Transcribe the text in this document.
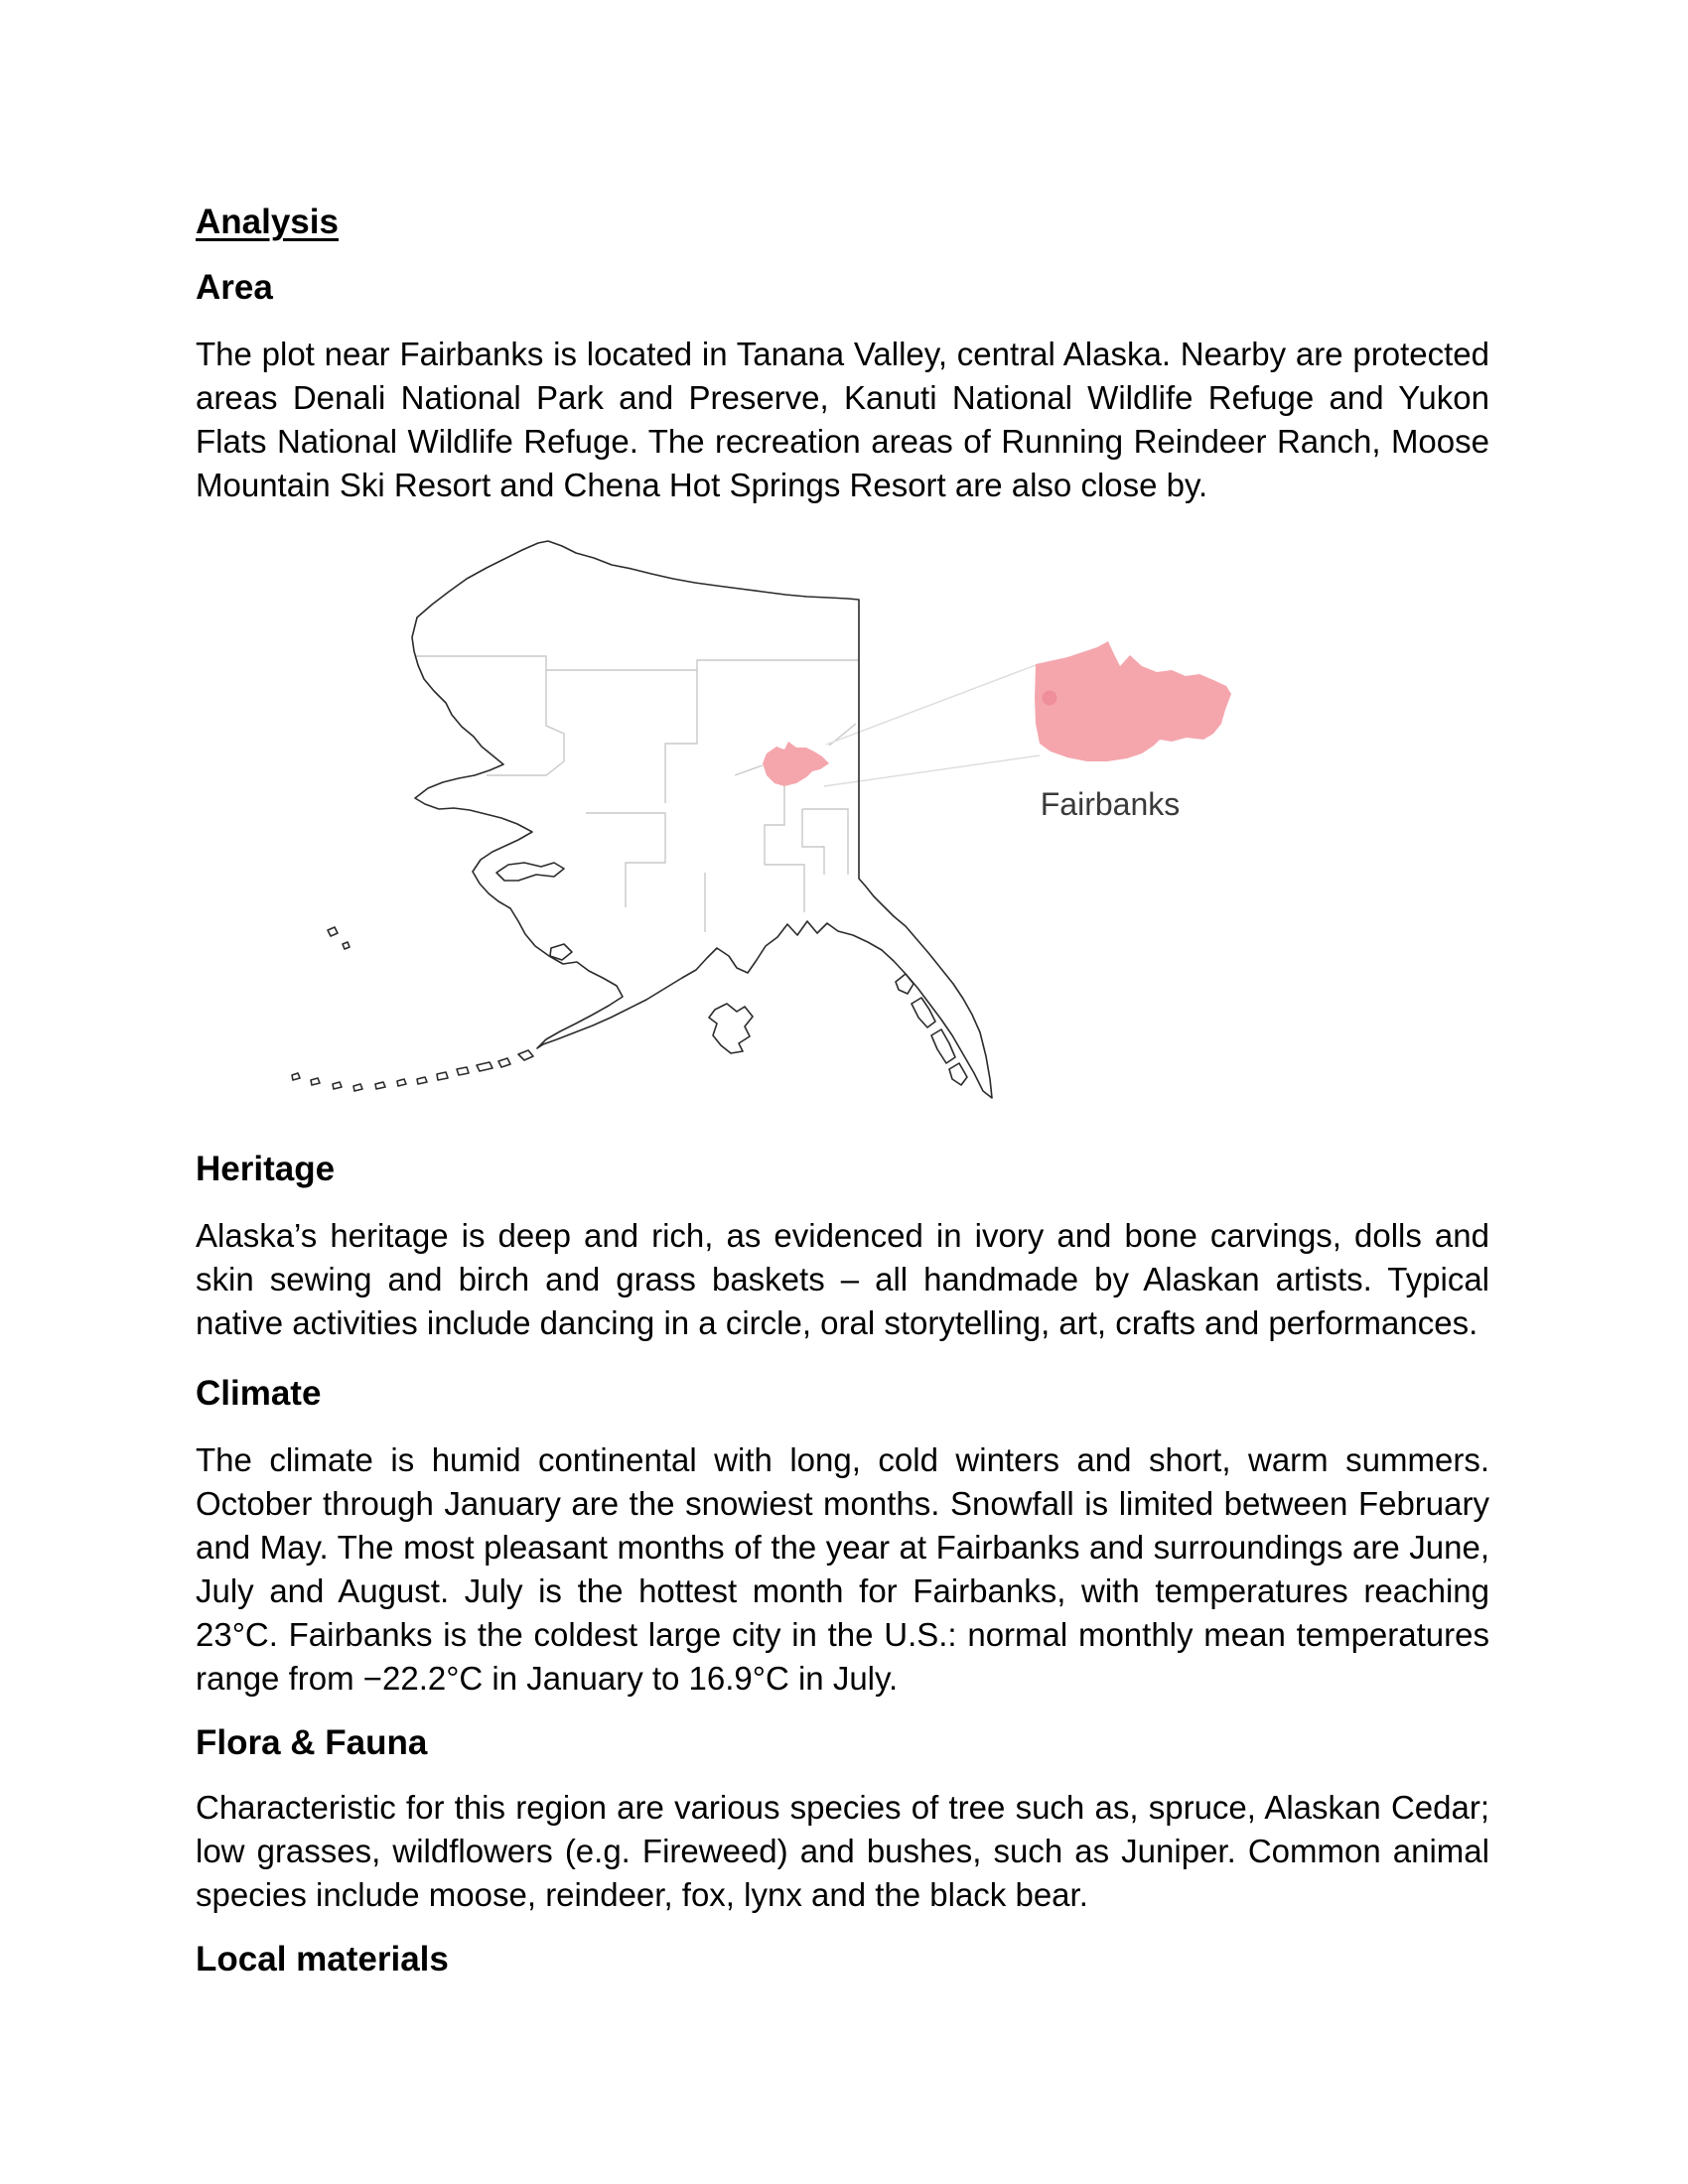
Analysis
Area

The plot near Fairbanks is located in Tanana Valley, central Alaska. Nearby are protected areas Denali National Park and Preserve, Kanuti National Wildlife Refuge and Yukon Flats National Wildlife Refuge. The recreation areas of Running Reindeer Ranch, Moose Mountain Ski Resort and Chena Hot Springs Resort are also close by.

Fairbanks
Heritage

Alaska’s heritage is deep and rich, as evidenced in ivory and bone carvings, dolls and skin sewing and birch and grass baskets – all handmade by Alaskan artists. Typical native activities include dancing in a circle, oral storytelling, art, crafts and performances.

Climate

The climate is humid continental with long, cold winters and short, warm summers. October through January are the snowiest months. Snowfall is limited between February and May. The most pleasant months of the year at Fairbanks and surroundings are June, July and August. July is the hottest month for Fairbanks, with temperatures reaching 23°C. Fairbanks is the coldest large city in the U.S.: normal monthly mean temperatures range from −22.2°C in January to 16.9°C in July.

Flora & Fauna

Characteristic for this region are various species of tree such as, spruce, Alaskan Cedar; low grasses, wildflowers (e.g. Fireweed) and bushes, such as Juniper. Common animal species include moose, reindeer, fox, lynx and the black bear.

Local materials
